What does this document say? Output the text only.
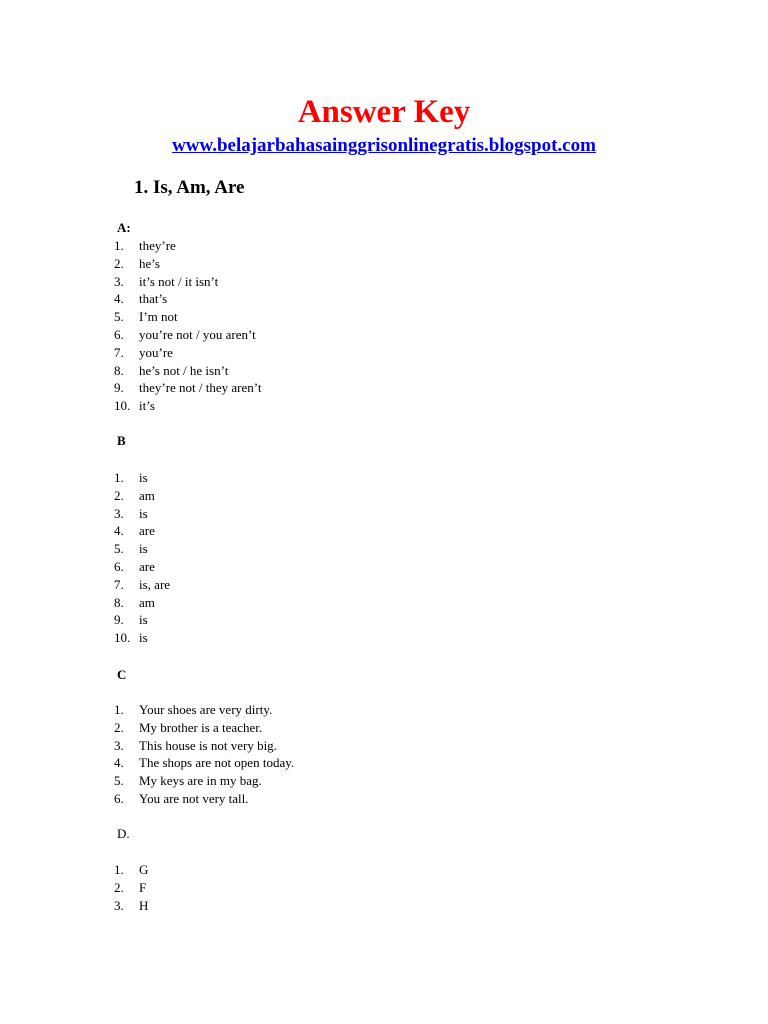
Answer Key
www.belajarbahasainggrisonlinegratis.blogspot.com
1. Is, Am, Are
A:
1.	they’re
2.	he’s
3.	it’s not / it isn’t
4.	that’s
5.	I’m not
6.	you’re not / you aren’t
7.	you’re
8.	he’s not / he isn’t
9.	they’re not / they aren’t
10. it’s
B
1.	is
2.	am
3.	is
4.	are
5.	is
6.	are
7.	is, are
8.	am
9.	is
10. is
C
1.	Your shoes are very dirty.
2.	My brother is a teacher.
3.	This house is not very big.
4.	The shops are not open today.
5.	My keys are in my bag.
6.	You are not very tall.
D.
1.	G
2.	F
3.	H
